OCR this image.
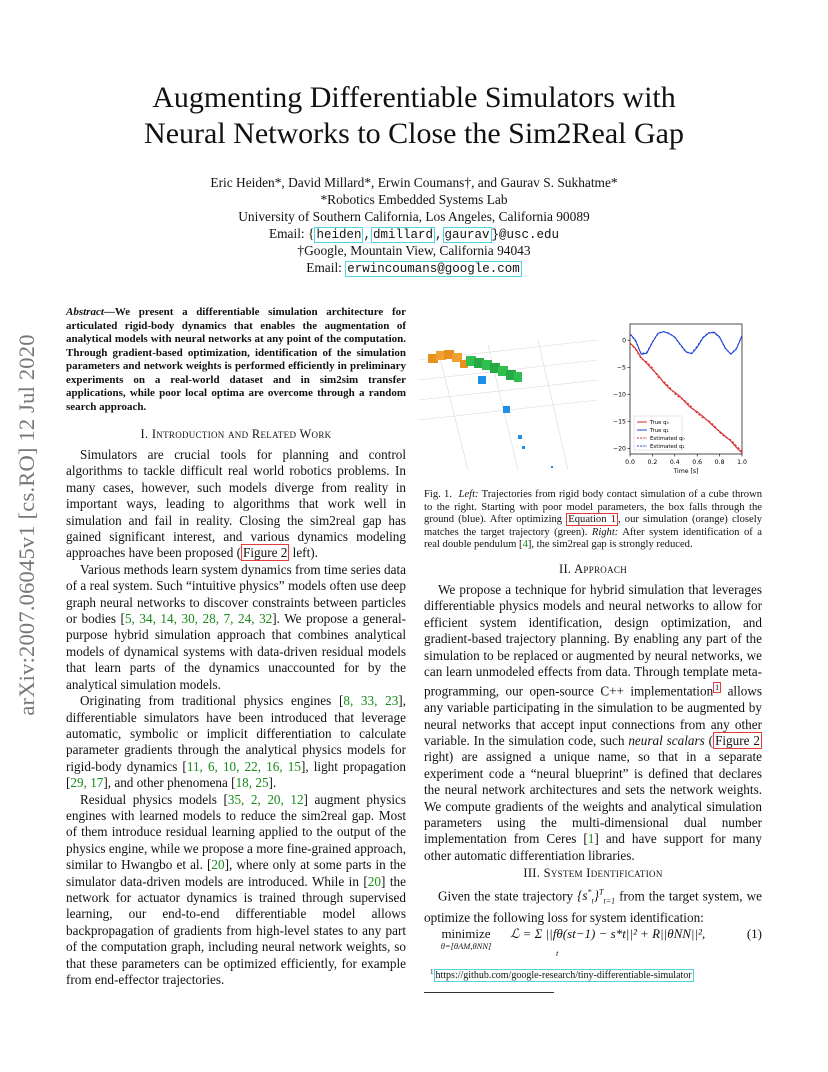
arXiv:2007.06045v1 [cs.RO] 12 Jul 2020
Augmenting Differentiable Simulators with
Neural Networks to Close the Sim2Real Gap
Eric Heiden*, David Millard*, Erwin Coumans†, and Gaurav S. Sukhatme*
*Robotics Embedded Systems Lab
University of Southern California, Los Angeles, California 90089
Email: { heiden , dmillard , gaurav }@usc.edu
†Google, Mountain View, California 94043
Email: erwincoumans@google.com
Abstract—We present a differentiable simulation architecture for articulated rigid-body dynamics that enables the augmentation of analytical models with neural networks at any point of the computation. Through gradient-based optimization, identification of the simulation parameters and network weights is performed efficiently in preliminary experiments on a real-world dataset and in sim2sim transfer applications, while poor local optima are overcome through a random search approach.
I. Introduction and Related Work

Simulators are crucial tools for planning and control algorithms to tackle difficult real world robotics problems. In many cases, however, such models diverge from reality in important ways, leading to algorithms that work well in simulation and fail in reality. Closing the sim2real gap has gained significant interest, and various dynamics modeling approaches have been proposed ( Figure 2 left).

Various methods learn system dynamics from time series data of a real system. Such “intuitive physics” models often use deep graph neural networks to discover constraints between particles or bodies [5, 34, 14, 30, 28, 7, 24, 32]. We propose a general-purpose hybrid simulation approach that combines analytical models of dynamical systems with data-driven residual models that learn parts of the dynamics unaccounted for by the analytical simulation models.

Originating from traditional physics engines [8, 33, 23], differentiable simulators have been introduced that leverage automatic, symbolic or implicit differentiation to calculate parameter gradients through the analytical physics models for rigid-body dynamics [11, 6, 10, 22, 16, 15], light propagation [29, 17], and other phenomena [18, 25].

Residual physics models [35, 2, 20, 12] augment physics engines with learned models to reduce the sim2real gap. Most of them introduce residual learning applied to the output of the physics engine, while we propose a more fine-grained approach, similar to Hwangbo et al. [20], where only at some parts in the simulator data-driven models are introduced. While in [20] the network for actuator dynamics is trained through supervised learning, our end-to-end differentiable model allows backpropagation of gradients from high-level states to any part of the computation graph, including neural network weights, so that these parameters can be optimized efficiently, for example from end-effector trajectories.

0.0 0.2 0.4 0.6 0.8 1.0
0
−5
−10
−15
−20
Time [s]
True q₀
True q₁
Estimated q₀
Estimated q₁
Fig. 1. Left: Trajectories from rigid body contact simulation of a cube thrown to the right. Starting with poor model parameters, the box falls through the ground (blue). After optimizing Equation 1 , our simulation (orange) closely matches the target trajectory (green). Right: After system identification of a real double pendulum [4], the sim2real gap is strongly reduced.
II. Approach

We propose a technique for hybrid simulation that leverages differentiable physics models and neural networks to allow for efficient system identification, design optimization, and gradient-based trajectory planning. By enabling any part of the simulation to be replaced or augmented by neural networks, we can learn unmodeled effects from data. Through template meta-programming, our open-source C++ implementation $^1$ allows any variable participating in the simulation to be augmented by neural networks that accept input connections from any other variable. In the simulation code, such neural scalars ( Figure 2 right) are assigned a unique name, so that in a separate experiment code a “neural blueprint” is defined that declares the neural network architectures and sets the network weights. We compute gradients of the weights and analytical simulation parameters using the multi-dimensional dual number implementation from Ceres [1] and have support for many other automatic differentiation libraries.

III. System Identification

Given the state trajectory $\{s^*_t\}^T_{t=1}$ from the target system, we optimize the following loss for system identification:

minimize
θ=[θAM,θNN]
ℒ = Σ ||fθ(st−1) − s*t||² + R||θNN||²,
t
(1)
$^1$ https://github.com/google-research/tiny-differentiable-simulator
